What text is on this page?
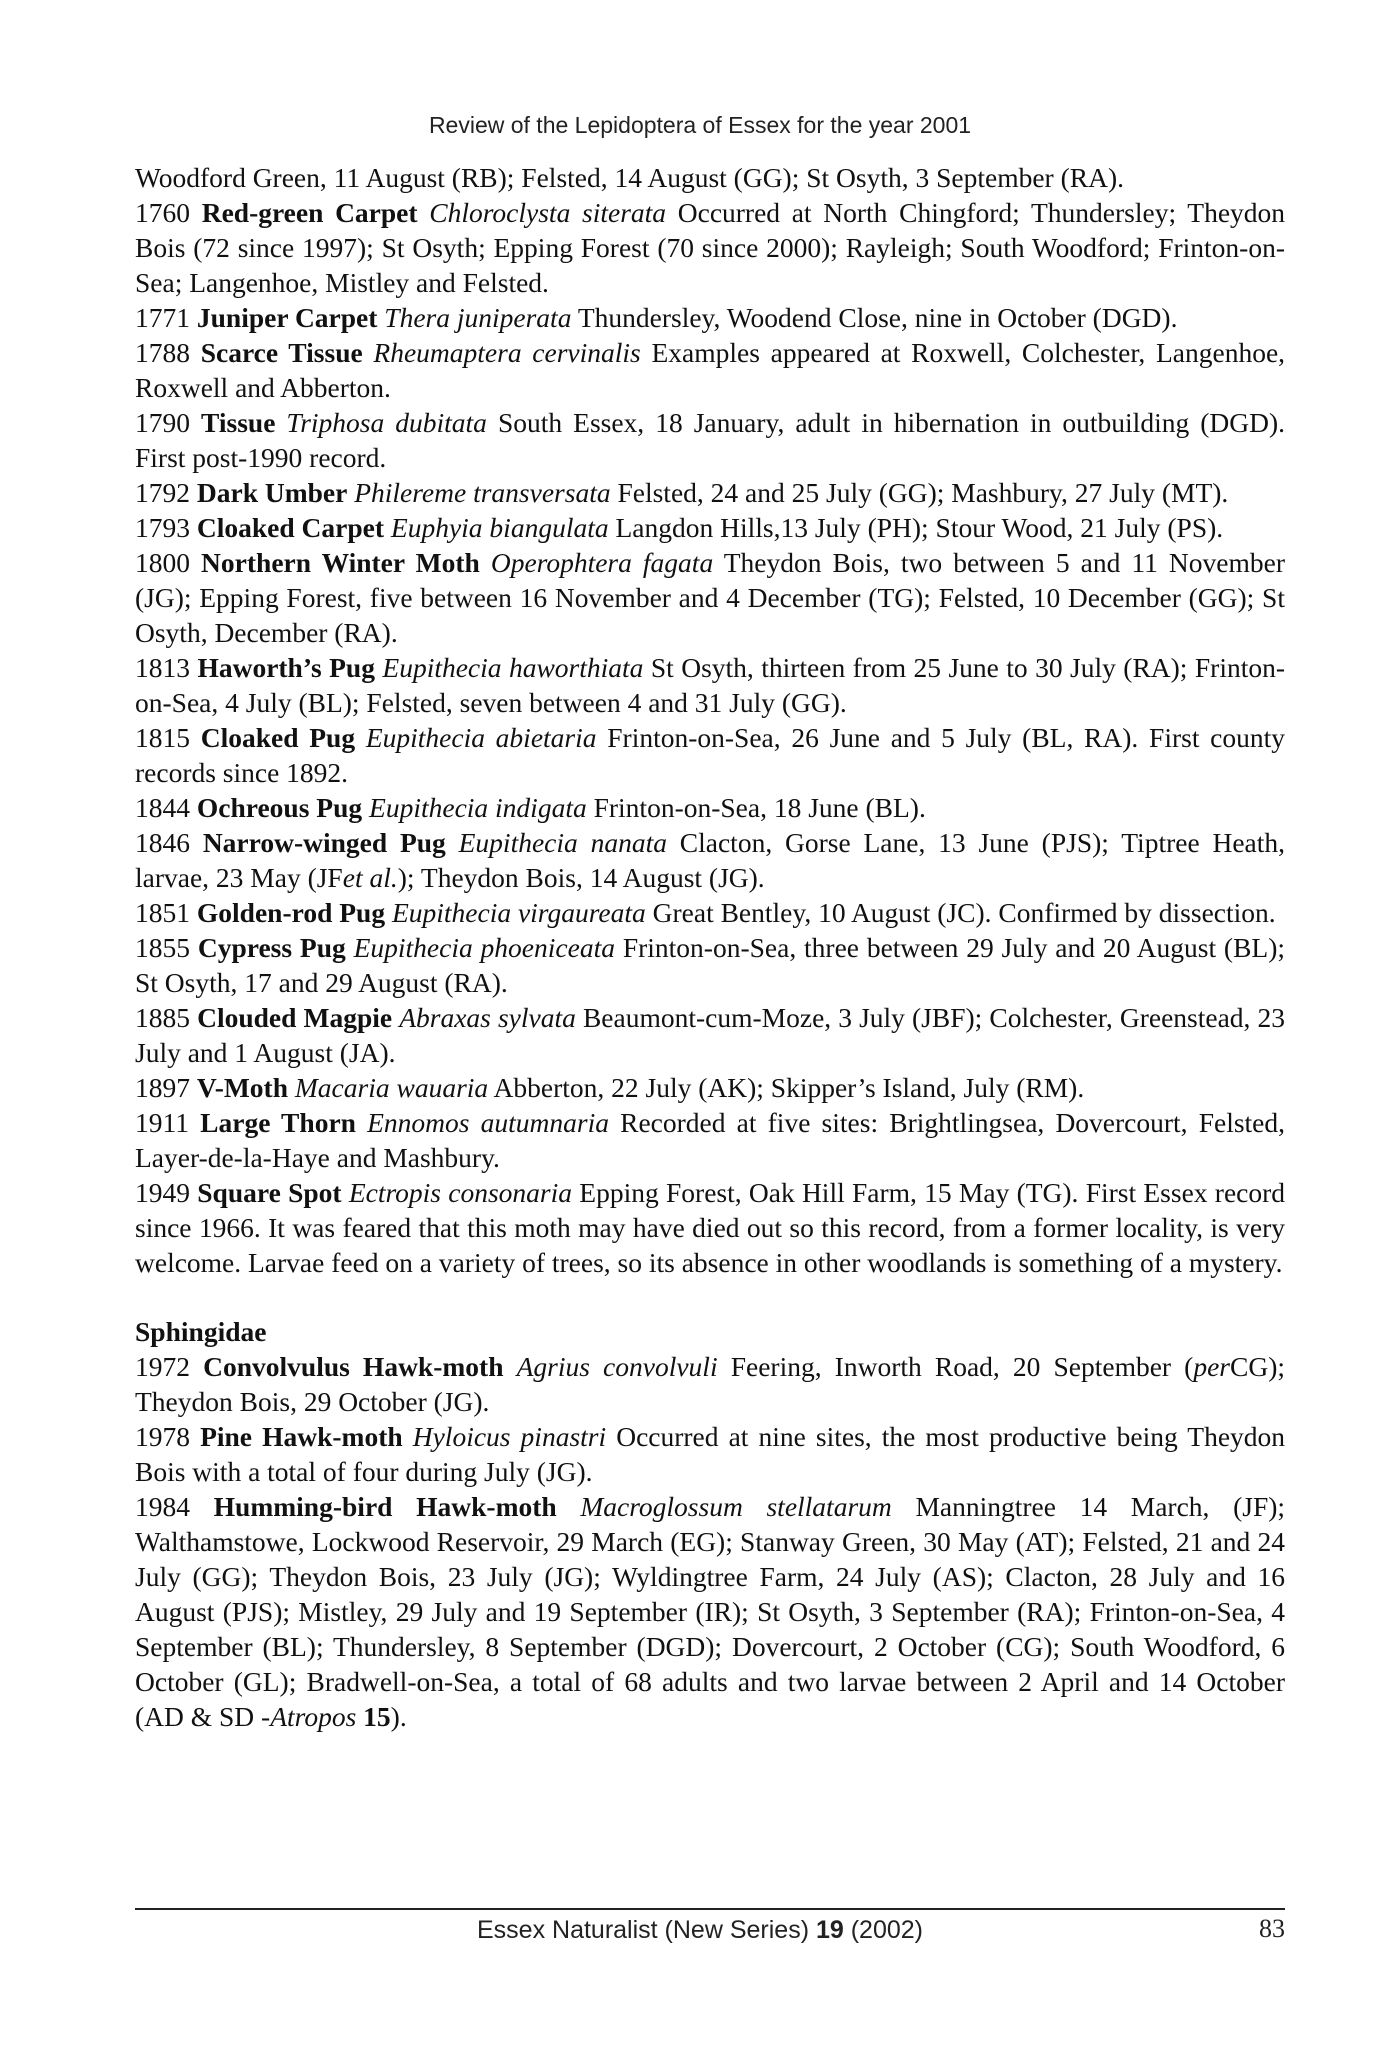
Review of the Lepidoptera of Essex for the year 2001

Woodford Green, 11 August (RB); Felsted, 14 August (GG); St Osyth, 3 September (RA).

1760 Red-green Carpet Chloroclysta siterata Occurred at North Chingford; Thundersley; Theydon Bois (72 since 1997); St Osyth; Epping Forest (70 since 2000); Rayleigh; South Woodford; Frinton-on-Sea; Langenhoe, Mistley and Felsted.

1771 Juniper Carpet Thera juniperata Thundersley, Woodend Close, nine in October (DGD).

1788 Scarce Tissue Rheumaptera cervinalis Examples appeared at Roxwell, Colchester, Langenhoe, Roxwell and Abberton.

1790 Tissue Triphosa dubitata South Essex, 18 January, adult in hibernation in outbuilding (DGD). First post-1990 record.

1792 Dark Umber Philereme transversata Felsted, 24 and 25 July (GG); Mashbury, 27 July (MT).

1793 Cloaked Carpet Euphyia biangulata Langdon Hills,13 July (PH); Stour Wood, 21 July (PS).

1800 Northern Winter Moth Operophtera fagata Theydon Bois, two between 5 and 11 November (JG); Epping Forest, five between 16 November and 4 December (TG); Felsted, 10 December (GG); St Osyth, December (RA).

1813 Haworth’s Pug Eupithecia haworthiata St Osyth, thirteen from 25 June to 30 July (RA); Frinton-on-Sea, 4 July (BL); Felsted, seven between 4 and 31 July (GG).

1815 Cloaked Pug Eupithecia abietaria Frinton-on-Sea, 26 June and 5 July (BL, RA). First county records since 1892.

1844 Ochreous Pug Eupithecia indigata Frinton-on-Sea, 18 June (BL).

1846 Narrow-winged Pug Eupithecia nanata Clacton, Gorse Lane, 13 June (PJS); Tiptree Heath, larvae, 23 May (JFet al.); Theydon Bois, 14 August (JG).

1851 Golden-rod Pug Eupithecia virgaureata Great Bentley, 10 August (JC). Confirmed by dissection.

1855 Cypress Pug Eupithecia phoeniceata Frinton-on-Sea, three between 29 July and 20 August (BL); St Osyth, 17 and 29 August (RA).

1885 Clouded Magpie Abraxas sylvata Beaumont-cum-Moze, 3 July (JBF); Colchester, Greenstead, 23 July and 1 August (JA).

1897 V-Moth Macaria wauaria Abberton, 22 July (AK); Skipper’s Island, July (RM).

1911 Large Thorn Ennomos autumnaria Recorded at five sites: Brightlingsea, Dovercourt, Felsted, Layer-de-la-Haye and Mashbury.

1949 Square Spot Ectropis consonaria Epping Forest, Oak Hill Farm, 15 May (TG). First Essex record since 1966. It was feared that this moth may have died out so this record, from a former locality, is very welcome. Larvae feed on a variety of trees, so its absence in other woodlands is something of a mystery.

Sphingidae

1972 Convolvulus Hawk-moth Agrius convolvuli Feering, Inworth Road, 20 September (perCG); Theydon Bois, 29 October (JG).

1978 Pine Hawk-moth Hyloicus pinastri Occurred at nine sites, the most productive being Theydon Bois with a total of four during July (JG).

1984 Humming-bird Hawk-moth Macroglossum stellatarum Manningtree 14 March, (JF); Walthamstowe, Lockwood Reservoir, 29 March (EG); Stanway Green, 30 May (AT); Felsted, 21 and 24 July (GG); Theydon Bois, 23 July (JG); Wyldingtree Farm, 24 July (AS); Clacton, 28 July and 16 August (PJS); Mistley, 29 July and 19 September (IR); St Osyth, 3 September (RA); Frinton-on-Sea, 4 September (BL); Thundersley, 8 September (DGD); Dovercourt, 2 October (CG); South Woodford, 6 October (GL); Bradwell-on-Sea, a total of 68 adults and two larvae between 2 April and 14 October (AD & SD -Atropos 15).

Essex Naturalist (New Series) 19 (2002)	83
